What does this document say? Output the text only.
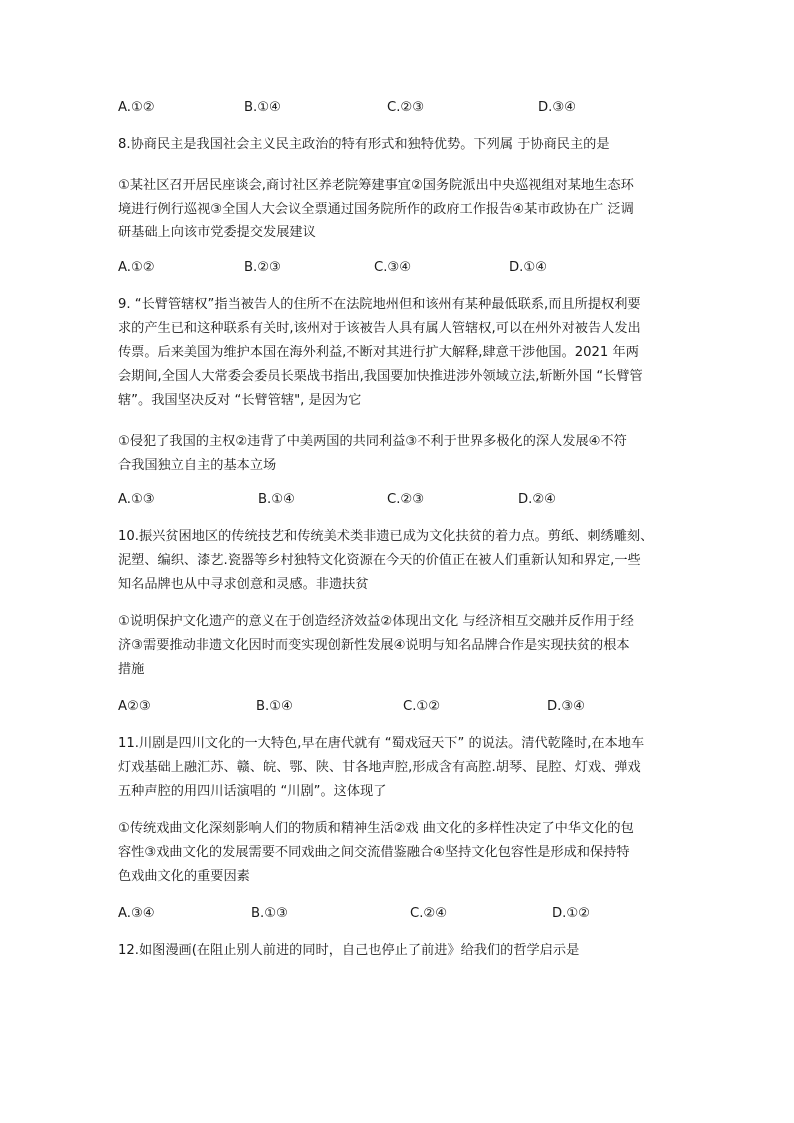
A.①②	B.①④	C.②③	D.③④
8.协商民主是我国社会主义民主政治的特有形式和独特优势。下列属 于协商民主的是
①某社区召开居民座谈会,商讨社区养老院筹建事宜②国务院派出中央巡视组对某地生态环
境进行例行巡视③全国人大会议全票通过国务院所作的政府工作报告④某市政协在广 泛调
研基础上向该市党委提交发展建议
A.①②	B.②③	C.③④	D.①④
9. “长臂管辖权”指当被告人的住所不在法院地州但和该州有某种最低联系,而且所提权利要
求的产生已和这种联系有关时,该州对于该被告人具有属人管辖权,可以在州外对被告人发出
传票。后来美国为维护本国在海外利益,不断对其进行扩大解释,肆意干涉他国。2021 年两
会期间,全国人大常委会委员长栗战书指出,我国要加快推进涉外领域立法,斩断外国 “长臂管
辖”。我国坚决反对 “长臂管辖", 是因为它
①侵犯了我国的主权②违背了中美两国的共同利益③不利于世界多极化的深人发展④不符
合我国独立自主的基本立场
A.①③	B.①④	C.②③	D.②④
10.振兴贫困地区的传统技艺和传统美术类非遗已成为文化扶贫的着力点。剪纸、刺绣雕刻、
泥塑、编织、漆艺.瓷器等乡村独特文化资源在今天的价值正在被人们重新认知和界定,一些
知名品牌也从中寻求创意和灵感。非遗扶贫
①说明保护文化遗产的意义在于创造经济效益②体现出文化 与经济相互交融并反作用于经
济③需要推动非遗文化因时而变实现创新性发展④说明与知名品牌合作是实现扶贫的根本
措施
A②③	B.①④	C.①②	D.③④
11.川剧是四川文化的一大特色,早在唐代就有 “蜀戏冠天下” 的说法。清代乾隆时,在本地车
灯戏基础上融汇苏、赣、皖、鄂、陕、甘各地声腔,形成含有高腔.胡琴、昆腔、灯戏、弹戏
五种声腔的用四川话演唱的 “川剧”。这体现了
①传统戏曲文化深刻影响人们的物质和精神生活②戏 曲文化的多样性决定了中华文化的包
容性③戏曲文化的发展需要不同戏曲之间交流借鉴融合④坚持文化包容性是形成和保持特
色戏曲文化的重要因素
A.③④	B.①③	C.②④	D.①②
12.如图漫画(在阻止别人前进的同时，自己也停止了前进》给我们的哲学启示是
